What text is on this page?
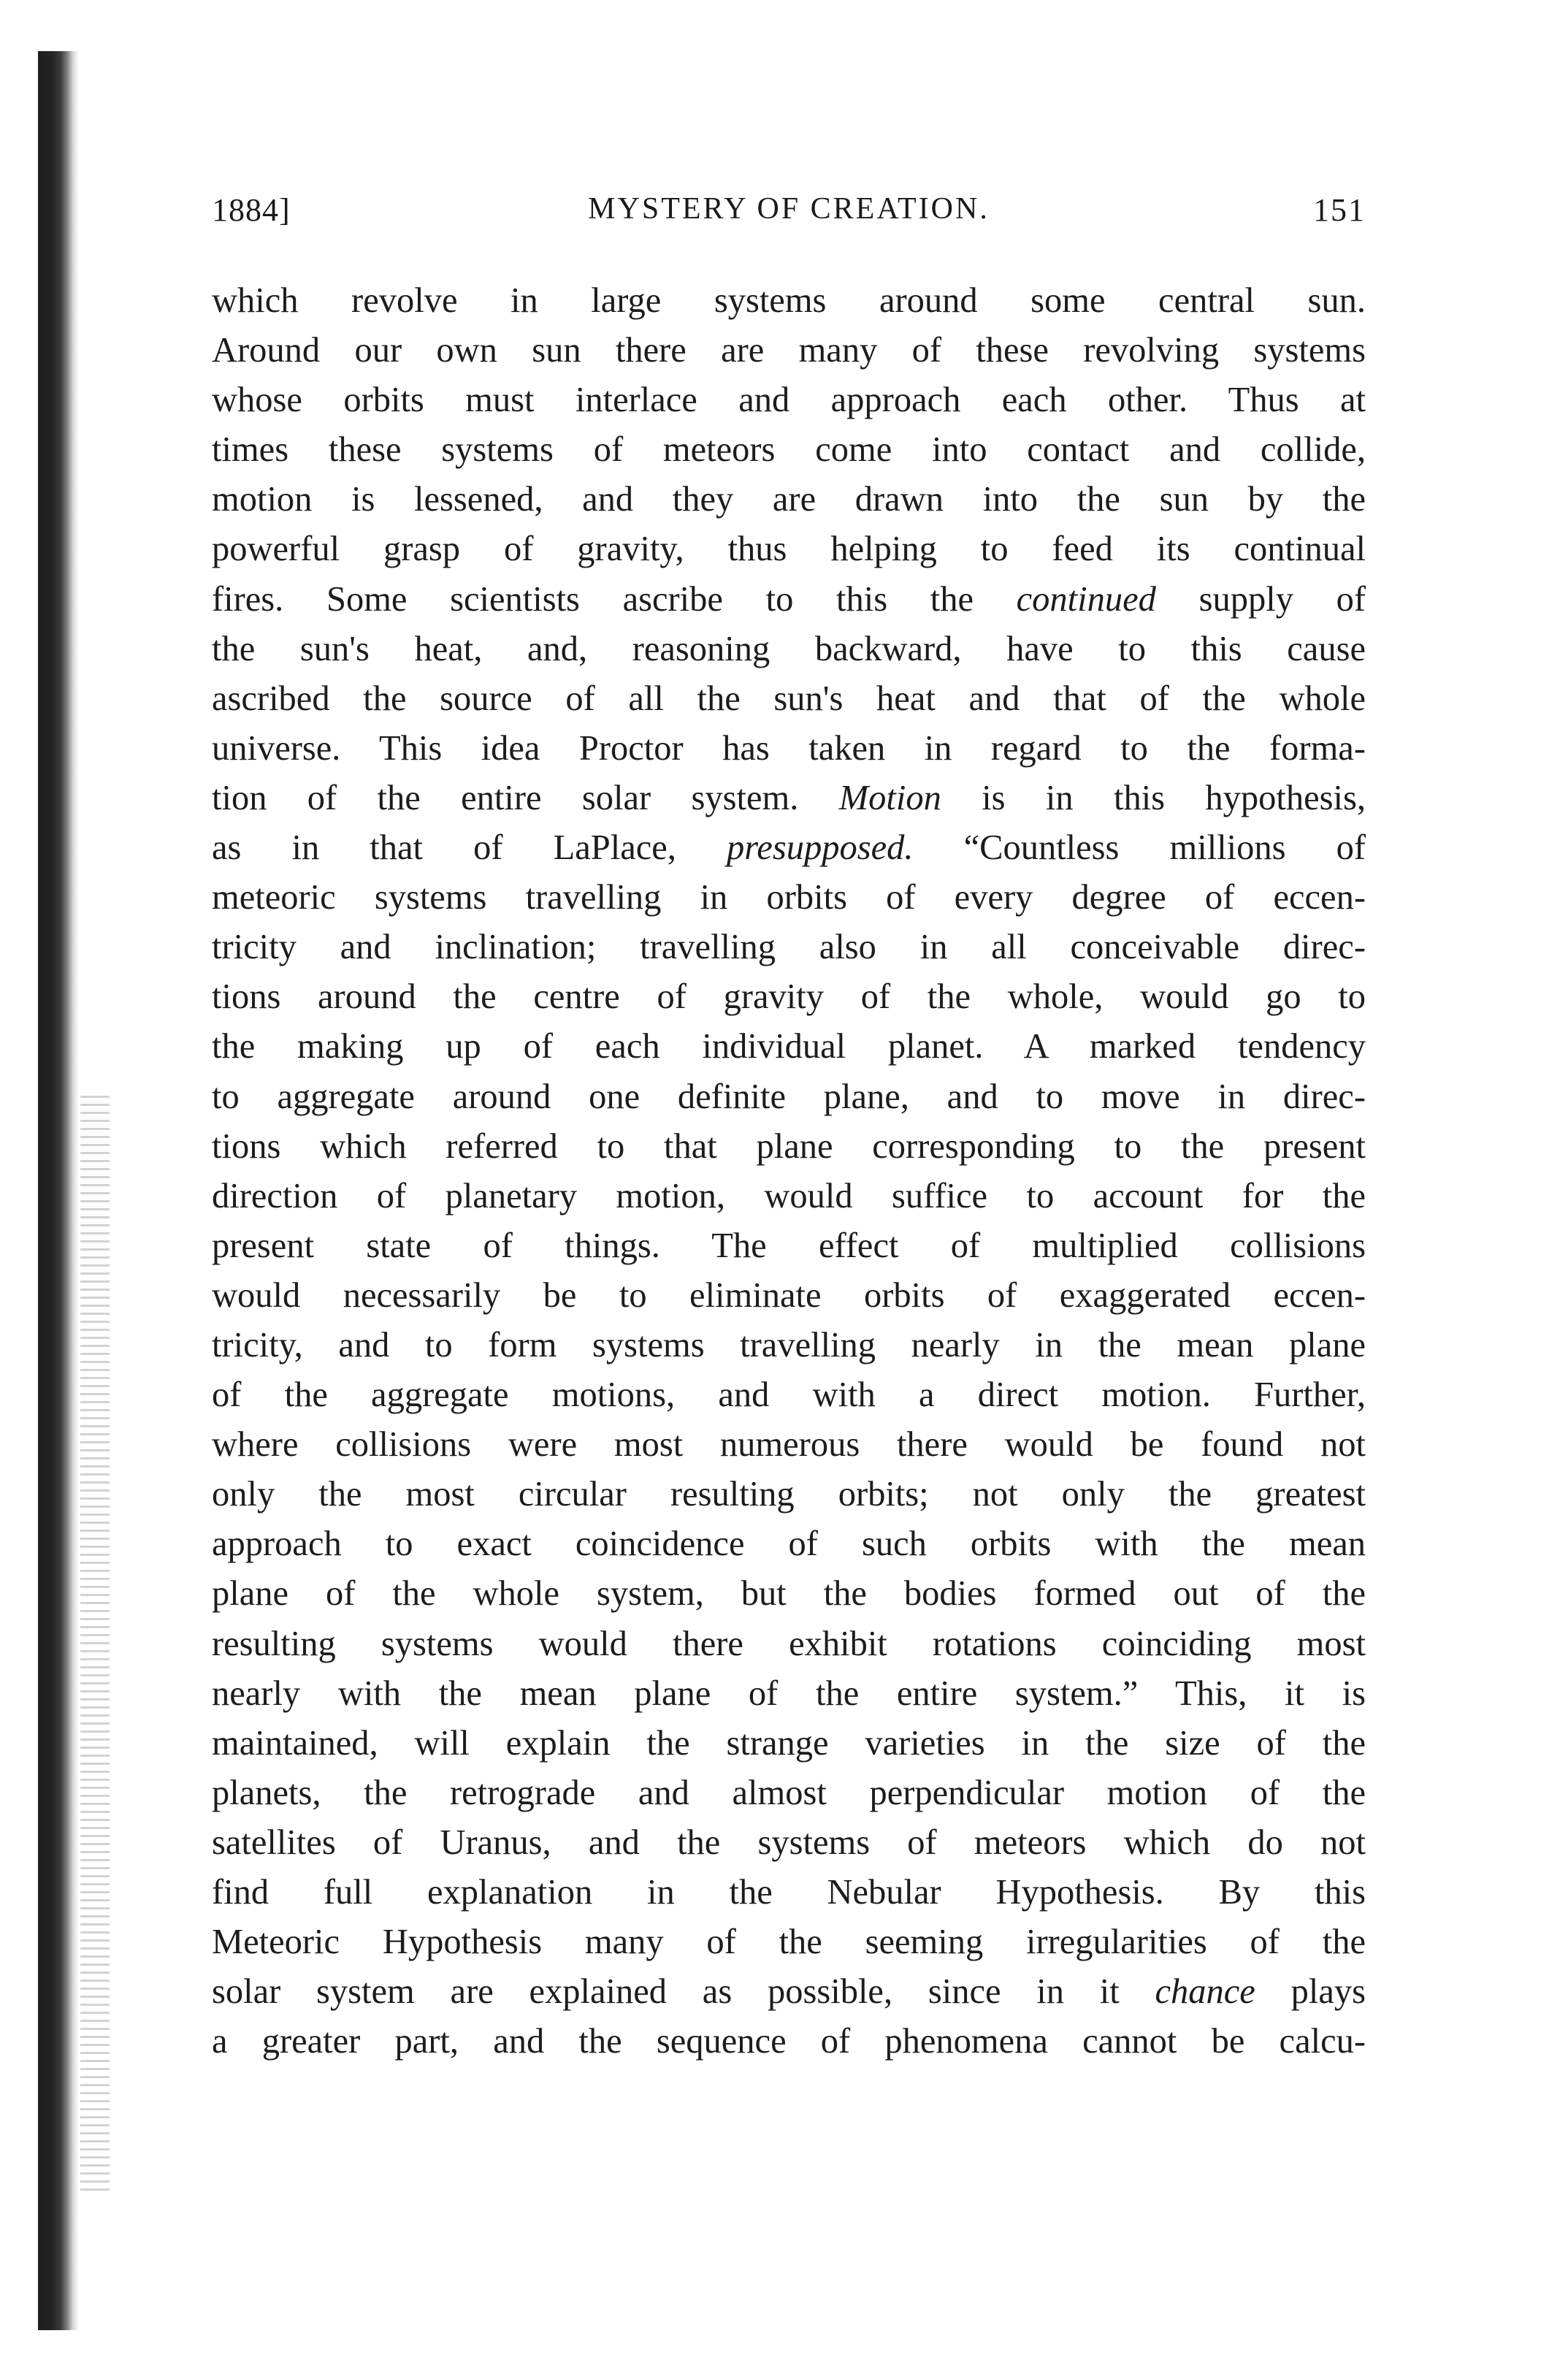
1884]	MYSTERY OF CREATION.	151
which revolve in large systems around some central sun.
Around our own sun there are many of these revolving systems
whose orbits must interlace and approach each other. Thus at
times these systems of meteors come into contact and collide,
motion is lessened, and they are drawn into the sun by the
powerful grasp of gravity, thus helping to feed its continual
fires. Some scientists ascribe to this the continued supply of
the sun's heat, and, reasoning backward, have to this cause
ascribed the source of all the sun's heat and that of the whole
universe. This idea Proctor has taken in regard to the forma-
tion of the entire solar system. Motion is in this hypothesis,
as in that of LaPlace, presupposed. “Countless millions of
meteoric systems travelling in orbits of every degree of eccen-
tricity and inclination; travelling also in all conceivable direc-
tions around the centre of gravity of the whole, would go to
the making up of each individual planet. A marked tendency
to aggregate around one definite plane, and to move in direc-
tions which referred to that plane corresponding to the present
direction of planetary motion, would suffice to account for the
present state of things. The effect of multiplied collisions
would necessarily be to eliminate orbits of exaggerated eccen-
tricity, and to form systems travelling nearly in the mean plane
of the aggregate motions, and with a direct motion. Further,
where collisions were most numerous there would be found not
only the most circular resulting orbits; not only the greatest
approach to exact coincidence of such orbits with the mean
plane of the whole system, but the bodies formed out of the
resulting systems would there exhibit rotations coinciding most
nearly with the mean plane of the entire system.” This, it is
maintained, will explain the strange varieties in the size of the
planets, the retrograde and almost perpendicular motion of the
satellites of Uranus, and the systems of meteors which do not
find full explanation in the Nebular Hypothesis. By this
Meteoric Hypothesis many of the seeming irregularities of the
solar system are explained as possible, since in it chance plays
a greater part, and the sequence of phenomena cannot be calcu-
